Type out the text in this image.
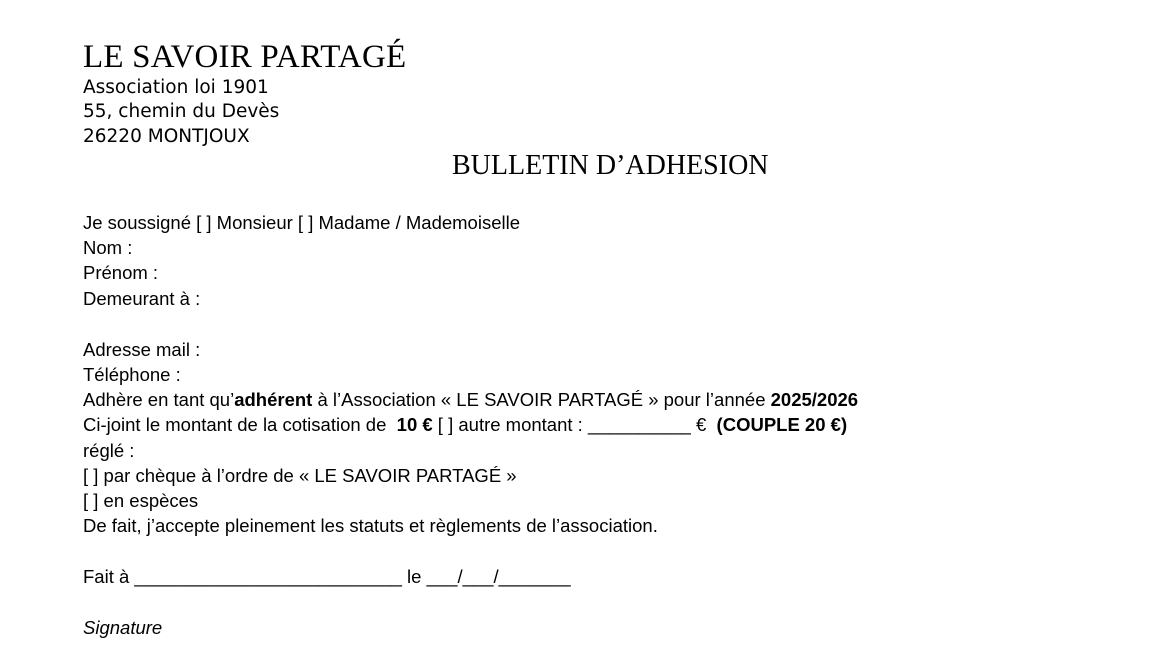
LE SAVOIR PARTAGÉ
Association loi 1901
55, chemin du Devès
26220 MONTJOUX
BULLETIN D’ADHESION
Je soussigné [ ] Monsieur [ ] Madame / Mademoiselle
Nom :
Prénom :
Demeurant à :
Adresse mail :
Téléphone :
Adhère en tant qu’adhérent à l’Association « LE SAVOIR PARTAGÉ » pour l’année 2025/2026
Ci-joint le montant de la cotisation de  10 € [ ] autre montant : __________ €  (COUPLE 20 €)
réglé :
[ ] par chèque à l’ordre de « LE SAVOIR PARTAGÉ »
[ ] en espèces
De fait, j’accepte pleinement les statuts et règlements de l’association.
Fait à __________________________ le ___/___/_______
Signature
